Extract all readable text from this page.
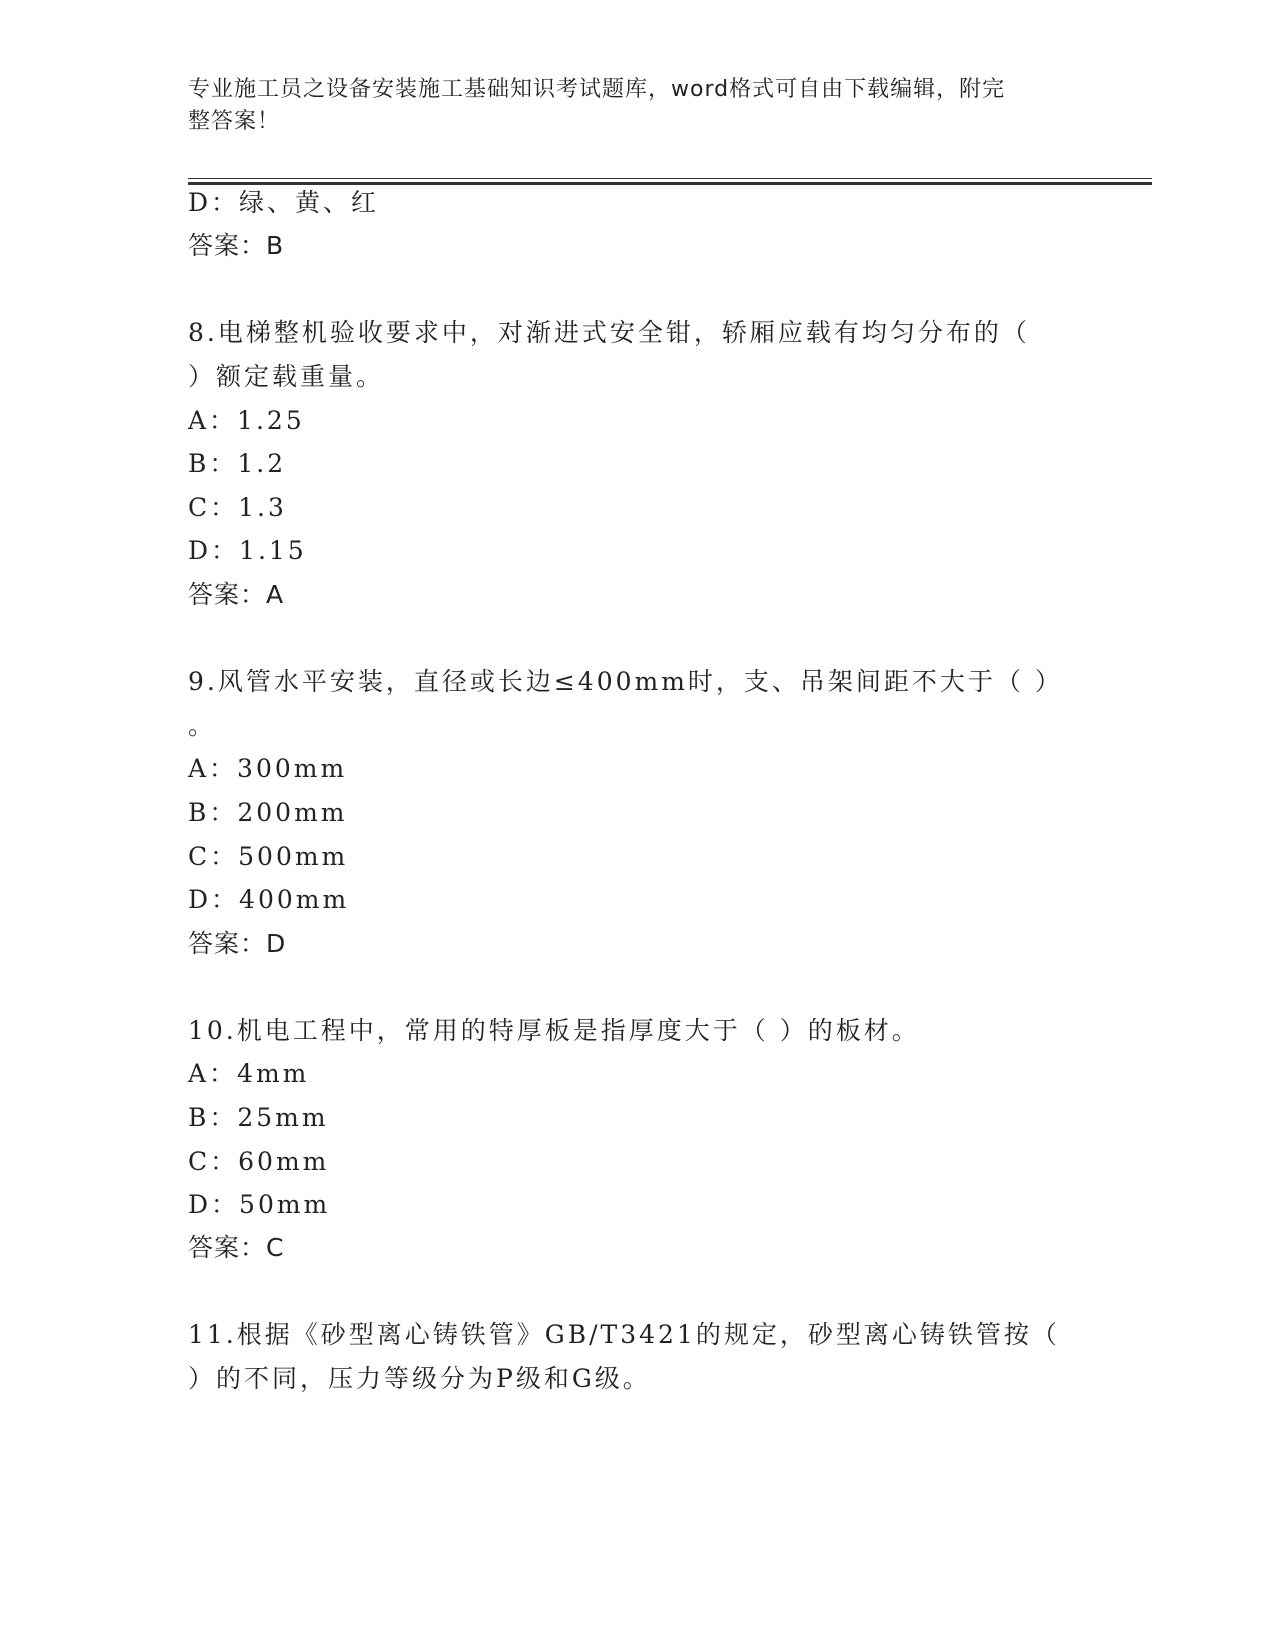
专业施工员之设备安装施工基础知识考试题库，word格式可自由下载编辑，附完
整答案！
D：绿、黄、红
答案：B
8.电梯整机验收要求中，对渐进式安全钳，轿厢应载有均匀分布的（
）额定载重量。
A：1.25
B：1.2
C：1.3
D：1.15
答案：A
9.风管水平安装，直径或长边≤400mm时，支、吊架间距不大于（ ）
。
A：300mm
B：200mm
C：500mm
D：400mm
答案：D
10.机电工程中，常用的特厚板是指厚度大于（ ）的板材。
A：4mm
B：25mm
C：60mm
D：50mm
答案：C
11.根据《砂型离心铸铁管》GB/T3421的规定，砂型离心铸铁管按（
）的不同，压力等级分为P级和G级。
